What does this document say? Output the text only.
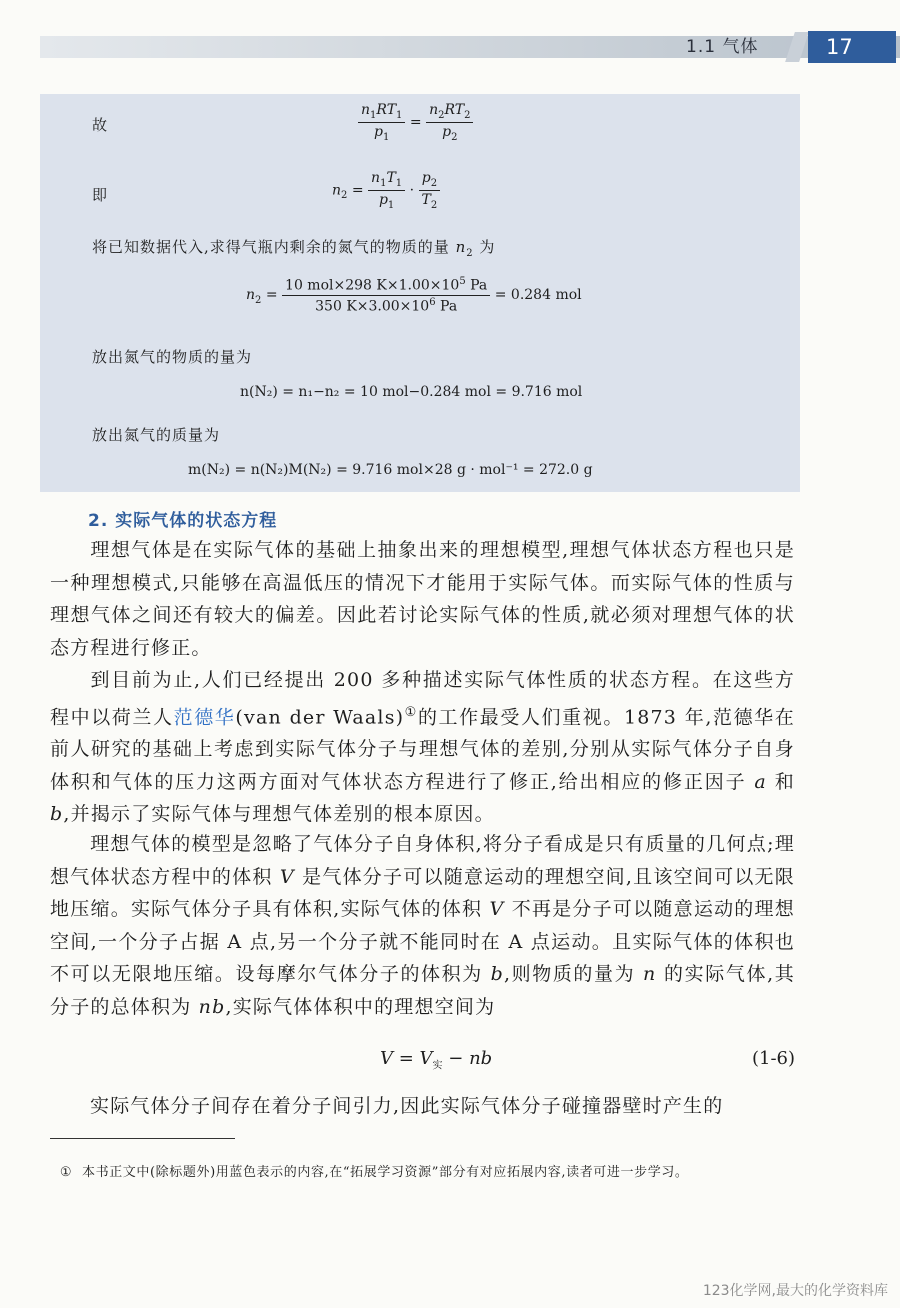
1.1 气体	17
故	$\frac{n_1RT_1}{p_1} = \frac{n_2RT_2}{p_2}$
即	$n_2 = \frac{n_1T_1}{p_1} \cdot \frac{p_2}{T_2}$
将已知数据代入,求得气瓶内剩余的氮气的物质的量 $n_2$ 为
$n_2 = \frac{10 mol\times 298 K\times 1.00\times 10^5 Pa}{350 K\times 3.00\times 10^6 Pa} = 0.284$ mol
放出氮气的物质的量为
n(N₂) = n₁−n₂ = 10 mol−0.284 mol = 9.716 mol
放出氮气的质量为
m(N₂) = n(N₂)M(N₂) = 9.716 mol×28 g · mol⁻¹ = 272.0 g
2. 实际气体的状态方程

理想气体是在实际气体的基础上抽象出来的理想模型,理想气体状态方程也只是一种理想模式,只能够在高温低压的情况下才能用于实际气体。而实际气体的性质与理想气体之间还有较大的偏差。因此若讨论实际气体的性质,就必须对理想气体的状态方程进行修正。

到目前为止,人们已经提出 200 多种描述实际气体性质的状态方程。在这些方程中以荷兰人范德华(van der Waals)①的工作最受人们重视。1873 年,范德华在前人研究的基础上考虑到实际气体分子与理想气体的差别,分别从实际气体分子自身体积和气体的压力这两方面对气体状态方程进行了修正,给出相应的修正因子 a 和 b,并揭示了实际气体与理想气体差别的根本原因。

理想气体的模型是忽略了气体分子自身体积,将分子看成是只有质量的几何点;理想气体状态方程中的体积 V 是气体分子可以随意运动的理想空间,且该空间可以无限地压缩。实际气体分子具有体积,实际气体的体积 V 不再是分子可以随意运动的理想空间,一个分子占据 A 点,另一个分子就不能同时在 A 点运动。且实际气体的体积也不可以无限地压缩。设每摩尔气体分子的体积为 b,则物质的量为 n 的实际气体,其分子的总体积为 nb,实际气体体积中的理想空间为

$V = V_实$ − nb	(1-6)

实际气体分子间存在着分子间引力,因此实际气体分子碰撞器壁时产生的

① 本书正文中(除标题外)用蓝色表示的内容,在“拓展学习资源”部分有对应拓展内容,读者可进一步学习。
123化学网,最大的化学资料库
